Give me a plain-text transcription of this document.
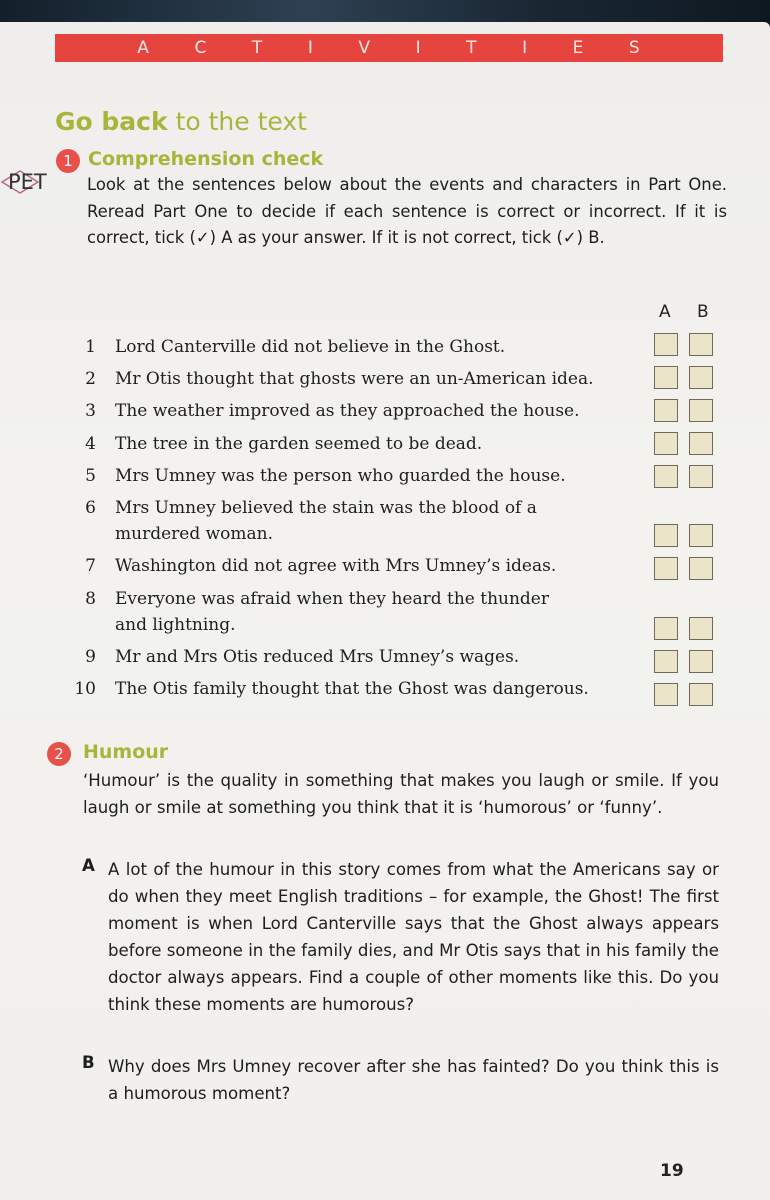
A	C	T	I	V	I	T	I	E	S
Go back to the text
PET
1 Comprehension check
Look at the sentences below about the events and characters in Part One. Reread Part One to decide if each sentence is correct or incorrect. If it is correct, tick (✓) A as your answer. If it is not correct, tick (✓) B.
A B
1 Lord Canterville did not believe in the Ghost.
2 Mr Otis thought that ghosts were an un-American idea.
3 The weather improved as they approached the house.
4 The tree in the garden seemed to be dead.
5 Mrs Umney was the person who guarded the house.
6 Mrs Umney believed the stain was the blood of a
murdered woman.
7 Washington did not agree with Mrs Umney’s ideas.
8 Everyone was afraid when they heard the thunder
and lightning.
9 Mr and Mrs Otis reduced Mrs Umney’s wages.
10 The Otis family thought that the Ghost was dangerous.
2	Humour
‘Humour’ is the quality in something that makes you laugh or smile. If you laugh or smile at something you think that it is ‘humorous’ or ‘funny’.
A A lot of the humour in this story comes from what the Americans say or do when they meet English traditions – for example, the Ghost! The first moment is when Lord Canterville says that the Ghost always appears before someone in the family dies, and Mr Otis says that in his family the doctor always appears. Find a couple of other moments like this. Do you think these moments are humorous?
B Why does Mrs Umney recover after she has fainted? Do you think this is a humorous moment?
19
